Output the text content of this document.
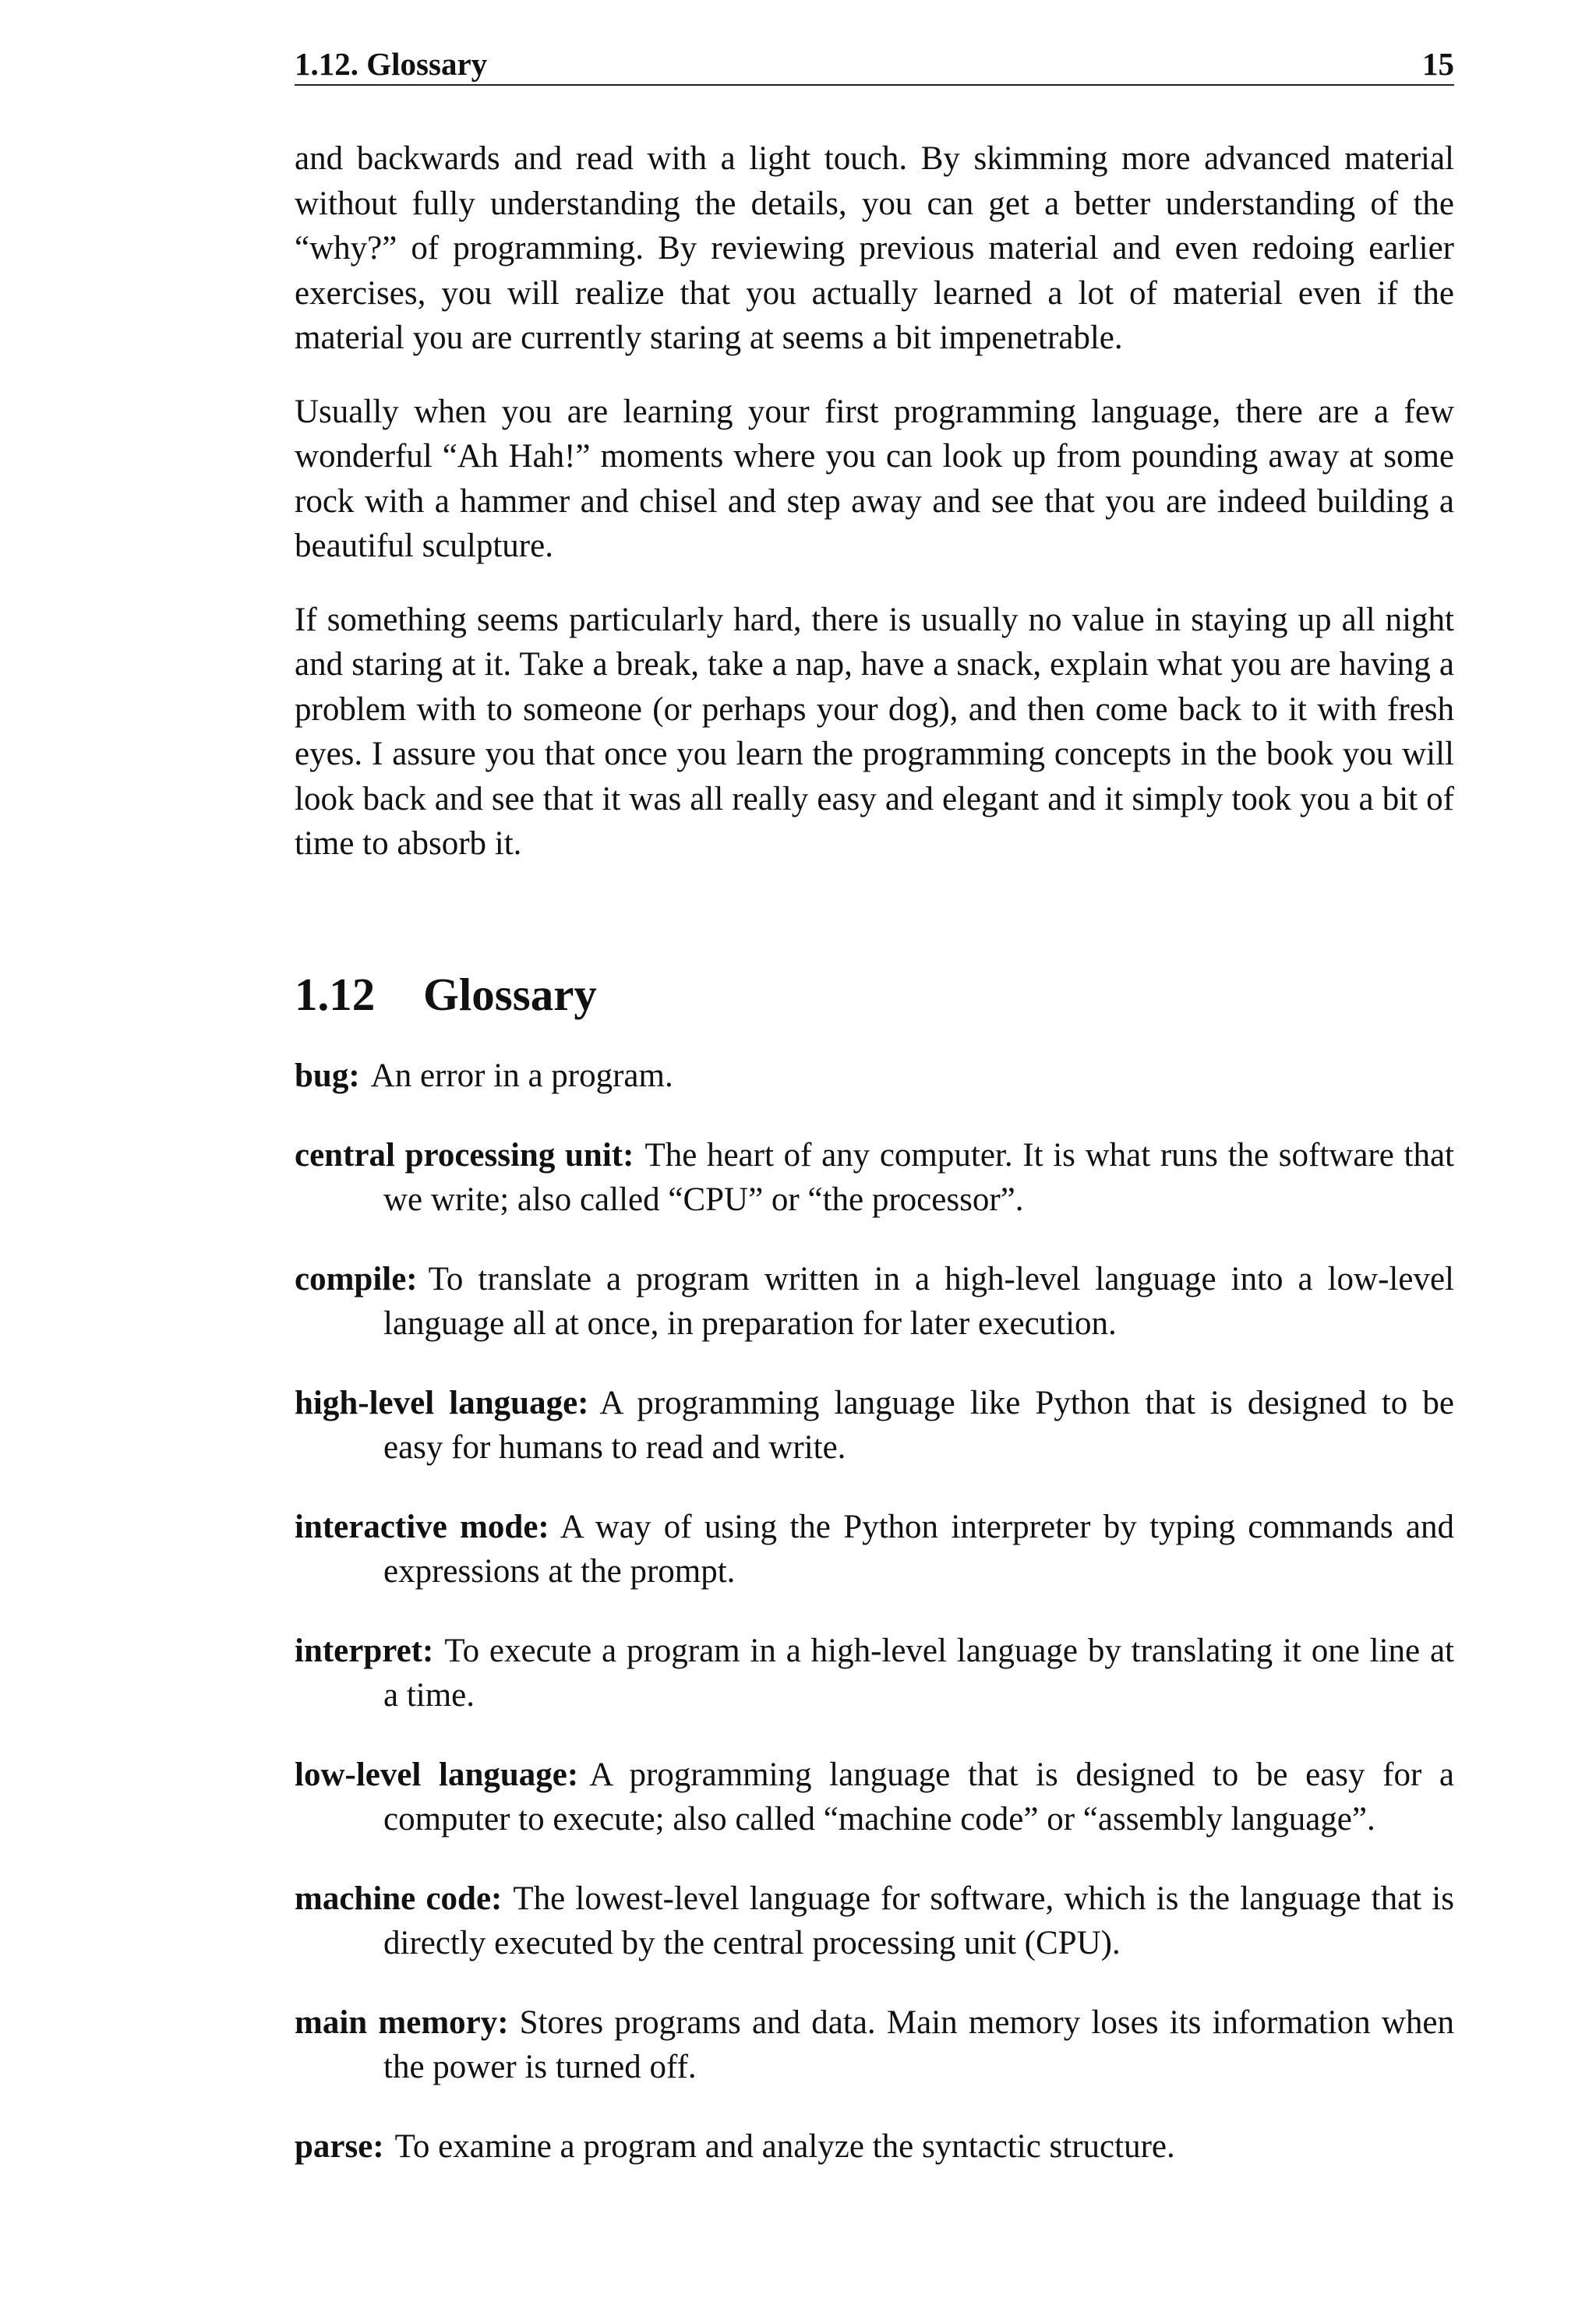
1.12. Glossary	15

and backwards and read with a light touch. By skimming more advanced material without fully understanding the details, you can get a better understanding of the “why?” of programming. By reviewing previous material and even redoing earlier exercises, you will realize that you actually learned a lot of material even if the material you are currently staring at seems a bit impenetrable.

Usually when you are learning your first programming language, there are a few wonderful “Ah Hah!” moments where you can look up from pounding away at some rock with a hammer and chisel and step away and see that you are indeed building a beautiful sculpture.

If something seems particularly hard, there is usually no value in staying up all night and staring at it. Take a break, take a nap, have a snack, explain what you are having a problem with to someone (or perhaps your dog), and then come back to it with fresh eyes. I assure you that once you learn the programming concepts in the book you will look back and see that it was all really easy and elegant and it simply took you a bit of time to absorb it.

1.12 Glossary

bug: An error in a program.

central processing unit: The heart of any computer. It is what runs the software that we write; also called “CPU” or “the processor”.

compile: To translate a program written in a high-level language into a low-level language all at once, in preparation for later execution.

high-level language: A programming language like Python that is designed to be easy for humans to read and write.

interactive mode: A way of using the Python interpreter by typing commands and expressions at the prompt.

interpret: To execute a program in a high-level language by translating it one line at a time.

low-level language: A programming language that is designed to be easy for a computer to execute; also called “machine code” or “assembly language”.

machine code: The lowest-level language for software, which is the language that is directly executed by the central processing unit (CPU).

main memory: Stores programs and data. Main memory loses its information when the power is turned off.

parse: To examine a program and analyze the syntactic structure.
